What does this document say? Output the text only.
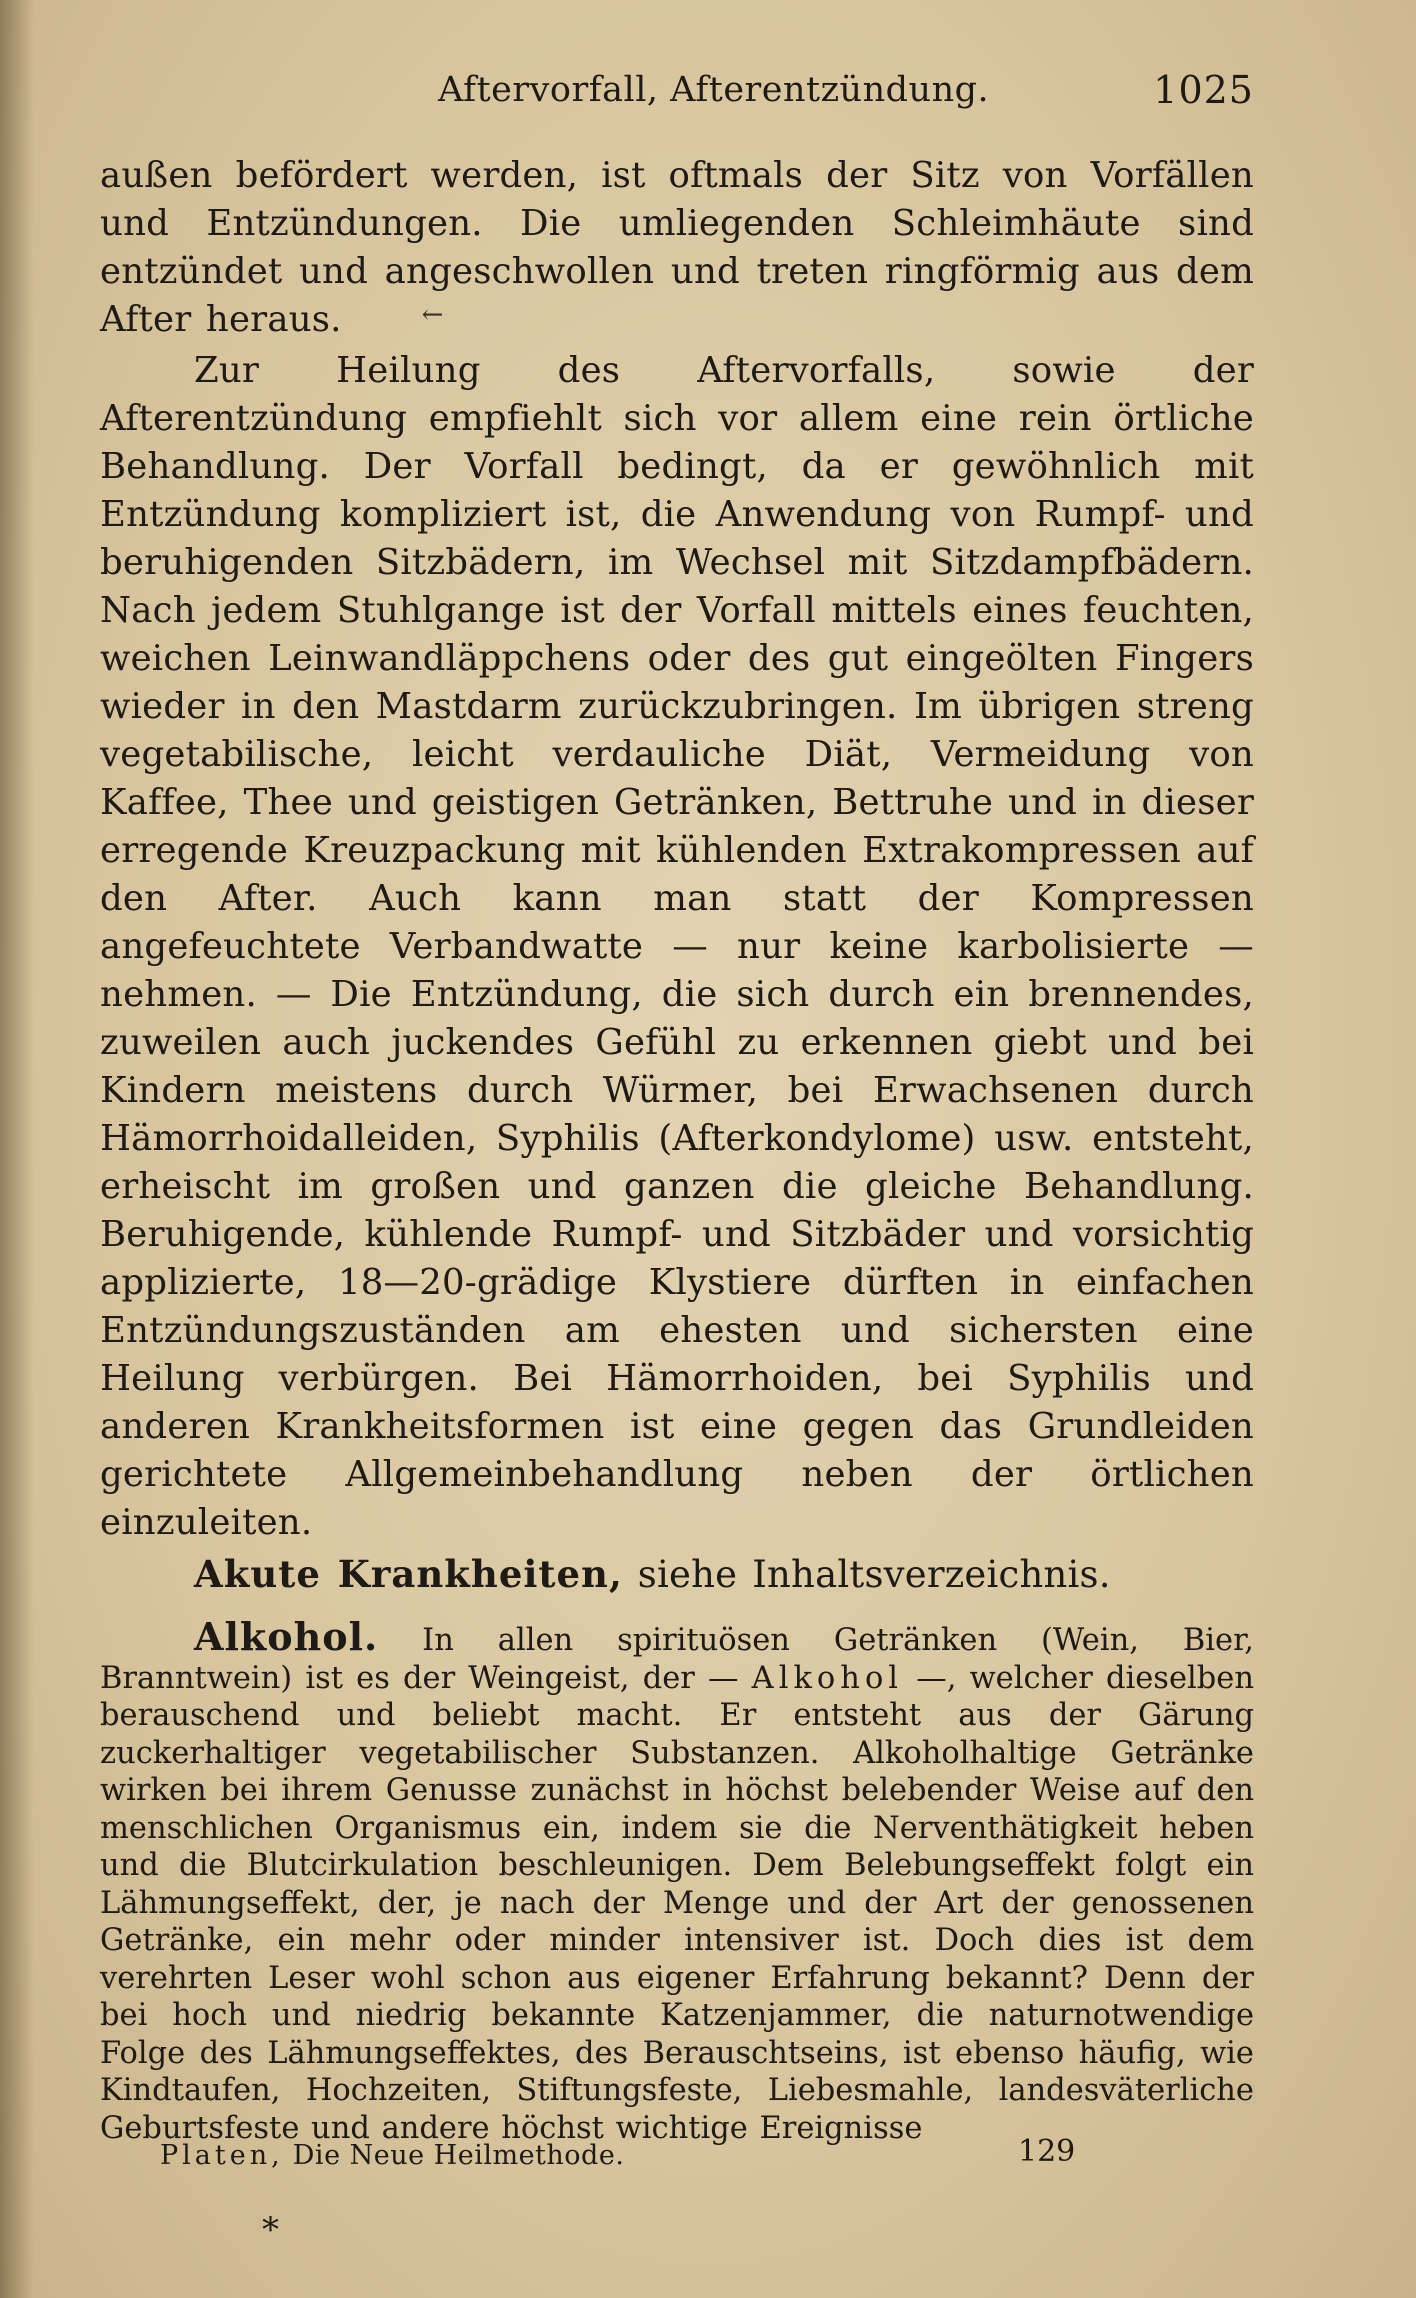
Aftervorfall, Afterentzündung.	1025

außen befördert werden, ist oftmals der Sitz von Vorfällen und Entzündungen. Die umliegenden Schleimhäute sind entzündet und angeschwollen und treten ringförmig aus dem After heraus.	←

Zur Heilung des Aftervorfalls, sowie der Afterentzündung empfiehlt sich vor allem eine rein örtliche Behandlung. Der Vorfall bedingt, da er gewöhnlich mit Entzündung kompliziert ist, die Anwendung von Rumpf- und beruhigenden Sitzbädern, im Wechsel mit Sitzdampfbädern. Nach jedem Stuhlgange ist der Vorfall mittels eines feuchten, weichen Leinwandläppchens oder des gut eingeölten Fingers wieder in den Mastdarm zurückzubringen. Im übrigen streng vegetabilische, leicht verdauliche Diät, Vermeidung von Kaffee, Thee und geistigen Getränken, Bettruhe und in dieser erregende Kreuzpackung mit kühlenden Extrakompressen auf den After. Auch kann man statt der Kompressen angefeuchtete Verbandwatte — nur keine karbolisierte — nehmen. — Die Entzündung, die sich durch ein brennendes, zuweilen auch juckendes Gefühl zu erkennen giebt und bei Kindern meistens durch Würmer, bei Erwachsenen durch Hämorrhoidalleiden, Syphilis (Afterkondylome) usw. entsteht, erheischt im großen und ganzen die gleiche Behandlung. Beruhigende, kühlende Rumpf- und Sitzbäder und vorsichtig applizierte, 18—20-grädige Klystiere dürften in einfachen Entzündungszuständen am ehesten und sichersten eine Heilung verbürgen. Bei Hämorrhoiden, bei Syphilis und anderen Krankheitsformen ist eine gegen das Grundleiden gerichtete Allgemeinbehandlung neben der örtlichen einzuleiten.

Akute Krankheiten, siehe Inhaltsverzeichnis.

Alkohol. In allen spirituösen Getränken (Wein, Bier, Branntwein) ist es der Weingeist, der — Alkohol —, welcher dieselben berauschend und beliebt macht. Er entsteht aus der Gärung zuckerhaltiger vegetabilischer Substanzen. Alkoholhaltige Getränke wirken bei ihrem Genusse zunächst in höchst belebender Weise auf den menschlichen Organismus ein, indem sie die Nerventhätigkeit heben und die Blutcirkulation beschleunigen. Dem Belebungseffekt folgt ein Lähmungseffekt, der, je nach der Menge und der Art der genossenen Getränke, ein mehr oder minder intensiver ist. Doch dies ist dem verehrten Leser wohl schon aus eigener Erfahrung bekannt? Denn der bei hoch und niedrig bekannte Katzenjammer, die naturnotwendige Folge des Lähmungseffektes, des Berauschtseins, ist ebenso häufig, wie Kindtaufen, Hochzeiten, Stiftungsfeste, Liebesmahle, landesväterliche Geburtsfeste und andere höchst wichtige Ereignisse

Platen, Die Neue Heilmethode.	129
*
